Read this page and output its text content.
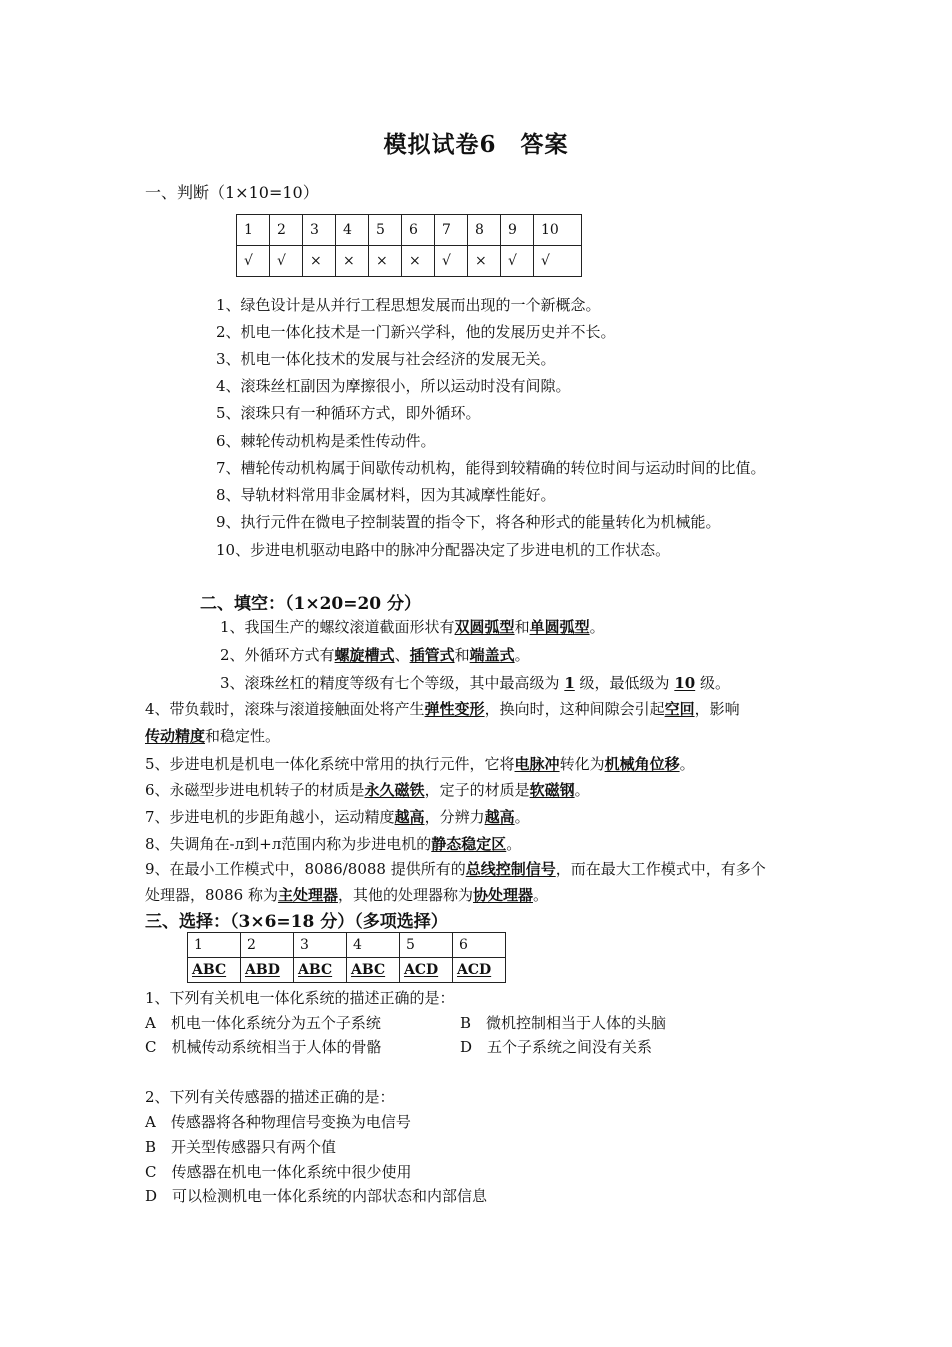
模拟试卷6　答案
一、判断（1×10=10）
1	2	3	4	5	6	7	8	9	10
√	√	×	×	×	×	√	×	√	√
1、绿色设计是从并行工程思想发展而出现的一个新概念。
2、机电一体化技术是一门新兴学科，他的发展历史并不长。
3、机电一体化技术的发展与社会经济的发展无关。
4、滚珠丝杠副因为摩擦很小，所以运动时没有间隙。
5、滚珠只有一种循环方式，即外循环。
6、棘轮传动机构是柔性传动件。
7、槽轮传动机构属于间歇传动机构，能得到较精确的转位时间与运动时间的比值。
8、导轨材料常用非金属材料，因为其减摩性能好。
9、执行元件在微电子控制装置的指令下，将各种形式的能量转化为机械能。
10、步进电机驱动电路中的脉冲分配器决定了步进电机的工作状态。
二、填空：（1×20=20 分）
1、我国生产的螺纹滚道截面形状有双圆弧型和单圆弧型。
2、外循环方式有螺旋槽式、插管式和端盖式。
3、滚珠丝杠的精度等级有七个等级，其中最高级为 1 级，最低级为 10 级。
4、带负载时，滚珠与滚道接触面处将产生弹性变形，换向时，这种间隙会引起空回，影响
传动精度和稳定性。
5、步进电机是机电一体化系统中常用的执行元件，它将电脉冲转化为机械角位移。
6、永磁型步进电机转子的材质是永久磁铁，定子的材质是软磁钢。
7、步进电机的步距角越小，运动精度越高，分辨力越高。
8、失调角在-л到+л范围内称为步进电机的静态稳定区。
9、在最小工作模式中，8086/8088 提供所有的总线控制信号，而在最大工作模式中，有多个
处理器，8086 称为主处理器，其他的处理器称为协处理器。
三、选择：（3×6=18 分）（多项选择）
1	2	3	4	5	6
ABC	ABD	ABC	ABC	ACD	ACD
1、下列有关机电一体化系统的描述正确的是：
A　机电一体化系统分为五个子系统	B　微机控制相当于人体的头脑
C　机械传动系统相当于人体的骨骼	D　五个子系统之间没有关系
2、下列有关传感器的描述正确的是：
A　传感器将各种物理信号变换为电信号
B　开关型传感器只有两个值
C　传感器在机电一体化系统中很少使用
D　可以检测机电一体化系统的内部状态和内部信息
